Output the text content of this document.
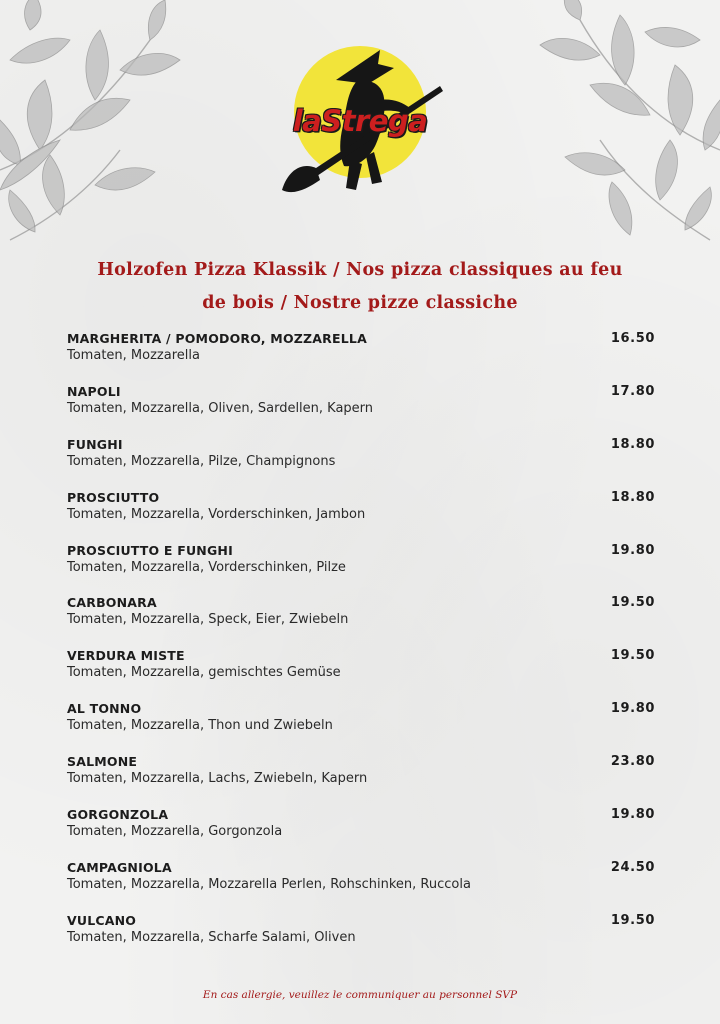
laStrega
Holzofen Pizza Klassik / Nos pizza classiques au feu
de bois / Nostre pizze classiche
MARGHERITA / POMODORO, MOZZARELLA
Tomaten, Mozzarella
16.50
NAPOLI
Tomaten, Mozzarella, Oliven, Sardellen, Kapern
17.80
FUNGHI
Tomaten, Mozzarella, Pilze, Champignons
18.80
PROSCIUTTO
Tomaten, Mozzarella, Vorderschinken, Jambon
18.80
PROSCIUTTO E FUNGHI
Tomaten, Mozzarella, Vorderschinken, Pilze
19.80
CARBONARA
Tomaten, Mozzarella, Speck, Eier, Zwiebeln
19.50
VERDURA MISTE
Tomaten, Mozzarella, gemischtes Gemüse
19.50
AL TONNO
Tomaten, Mozzarella, Thon und Zwiebeln
19.80
SALMONE
Tomaten, Mozzarella, Lachs, Zwiebeln, Kapern
23.80
GORGONZOLA
Tomaten, Mozzarella, Gorgonzola
19.80
CAMPAGNIOLA
Tomaten, Mozzarella, Mozzarella Perlen, Rohschinken, Ruccola
24.50
VULCANO
Tomaten, Mozzarella, Scharfe Salami, Oliven
19.50
En cas allergie, veuillez le communiquer au personnel SVP
